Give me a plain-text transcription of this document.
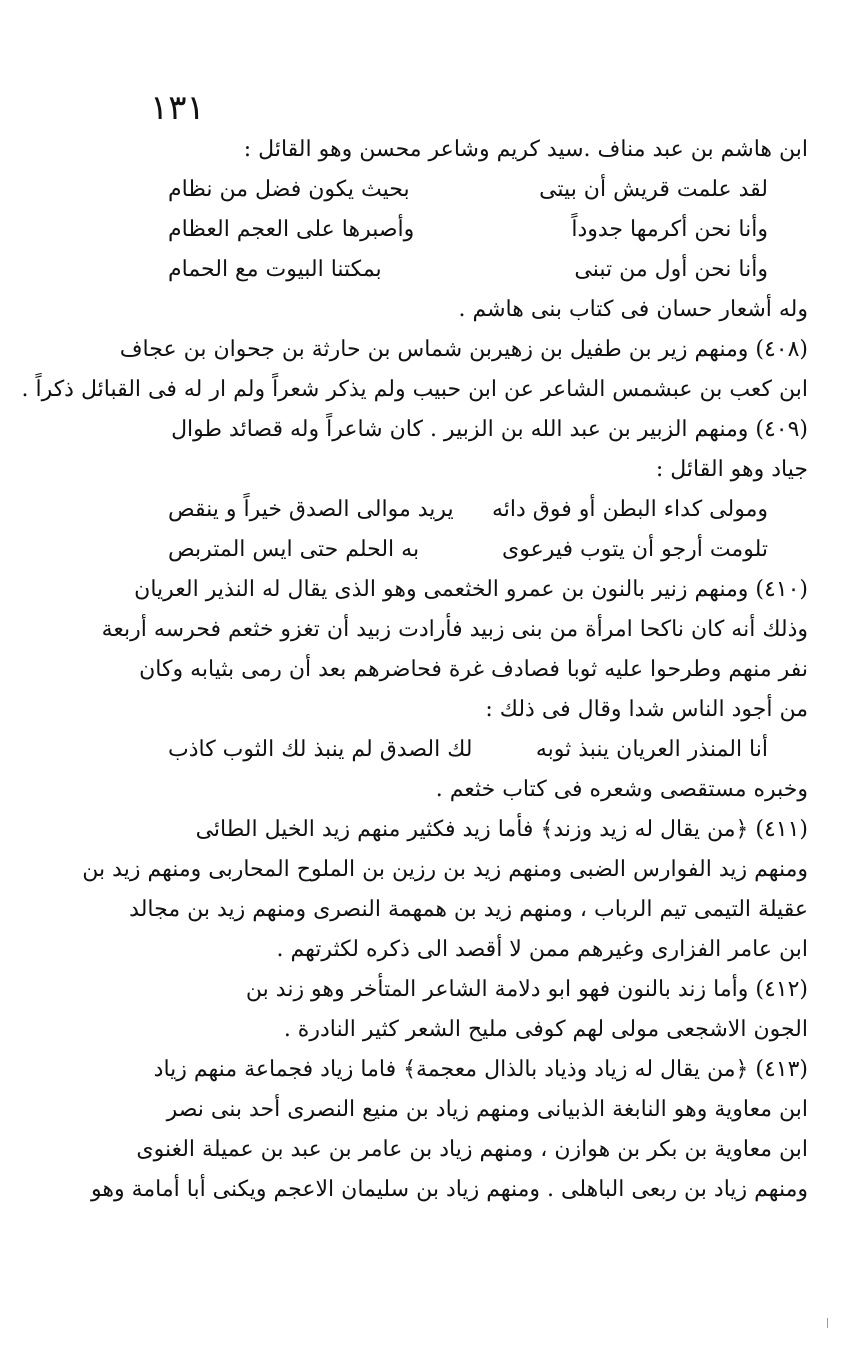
١٣١
ابن هاشم بن عبد مناف .سيد كريم وشاعر محسن وهو القائل :
لقد علمت قريش أن بيتى
بحيث يكون فضل من نظام
وأنا نحن أكرمها جدوداً
وأصبرها على العجم العظام
وأنا نحن أول من تبنى
بمكتنا البيوت مع الحمام
وله أشعار حسان فى كتاب بنى هاشم .
(٤٠٨) ومنهم زير بن طفيل بن زهيربن شماس بن حارثة بن جحوان بن عجاف
ابن كعب بن عبشمس الشاعر عن ابن حبيب ولم يذكر شعراً ولم ار له فى القبائل ذكراً .
(٤٠٩) ومنهم الزبير بن عبد الله بن الزبير . كان شاعراً وله قصائد طوال
جياد وهو القائل :
ومولى كداء البطن أو فوق دائه
يريد موالى الصدق خيراً و ينقص
تلومت أرجو أن يتوب فيرعوى
به الحلم حتى ايس المتربص
(٤١٠) ومنهم زنير بالنون بن عمرو الخثعمى وهو الذى يقال له النذير العريان
وذلك أنه كان ناكحا امرأة من بنى زبيد فأرادت زبيد أن تغزو خثعم فحرسه أربعة
نفر منهم وطرحوا عليه ثوبا فصادف غرة فحاضرهم بعد أن رمى بثيابه وكان
من أجود الناس شدا وقال فى ذلك :
أنا المنذر العريان ينبذ ثوبه
لك الصدق لم ينبذ لك الثوب كاذب
وخبره مستقصى وشعره فى كتاب خثعم .
(٤١١) ﴿من يقال له زيد وزند﴾ فأما زيد فكثير منهم زيد الخيل الطائى
ومنهم زيد الفوارس الضبى ومنهم زيد بن رزين بن الملوح المحاربى ومنهم زيد بن
عقيلة التيمى تيم الرباب ، ومنهم زيد بن همهمة النصرى ومنهم زيد بن مجالد
ابن عامر الفزارى وغيرهم ممن لا أقصد الى ذكره لكثرتهم .
(٤١٢) وأما زند بالنون فهو ابو دلامة الشاعر المتأخر وهو زند بن
الجون الاشجعى مولى لهم كوفى مليح الشعر كثير النادرة .
(٤١٣) ﴿من يقال له زياد وذياد بالذال معجمة﴾ فاما زياد فجماعة منهم زياد
ابن معاوية وهو النابغة الذبيانى ومنهم زياد بن منيع النصرى أحد بنى نصر
ابن معاوية بن بكر بن هوازن ، ومنهم زياد بن عامر بن عبد بن عميلة الغنوى
ومنهم زياد بن ربعى الباهلى . ومنهم زياد بن سليمان الاعجم ويكنى أبا أمامة وهو
